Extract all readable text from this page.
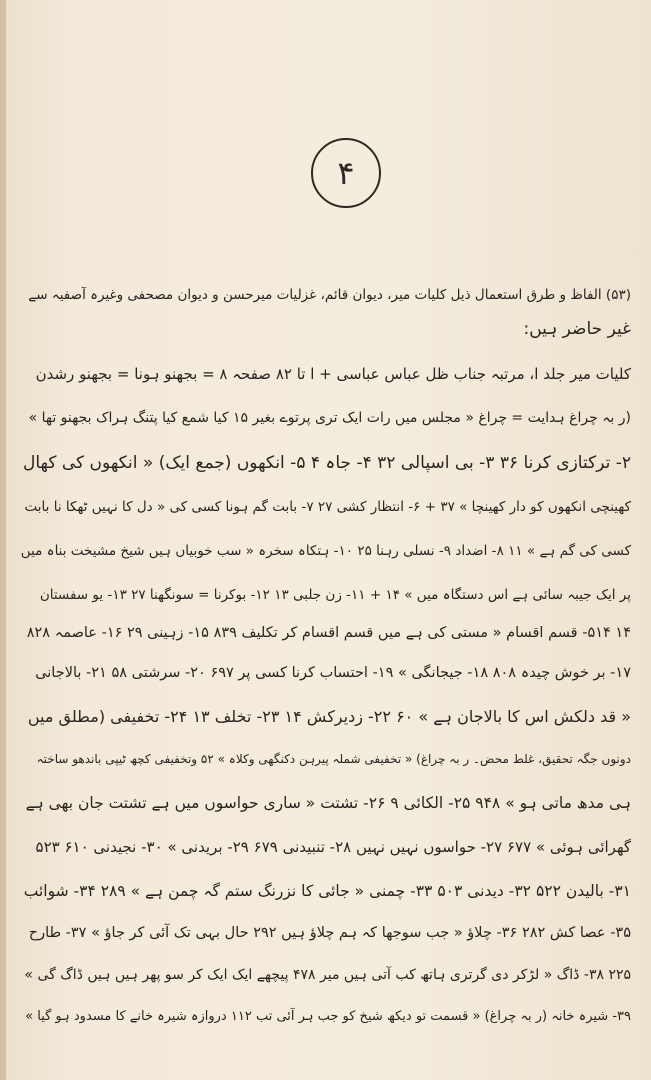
۴
(۵۳) الفاظ و طرق استعمال ذیل کلیات میر، دیوان قائم، غزلیات میرحسن و دیوان مصحفی وغیرہ آصفیہ سے
غیر حاضر ہیں:
کلیات میر جلد ا، مرتبہ جناب ظل عباس عباسی + ا تا ۸۲ صفحہ ۸ = بجھنو ہونا = بجھنو رشدن
(ر بہ چراغ ہدایت = چراغ « مجلس میں رات ایک تری پرتوے بغیر ۱۵ کیا شمع کیا پتنگ ہراک بجھنو تھا »
۲- ترکتازی کرنا ۳۶ ۳- بی اسپالی ۳۲ ۴- جاہ ۴ ۵- انکھوں (جمع ایک) « انکھوں کی کھال
کھینچی انکھوں کو دار کھینچا » ۳۷ + ۶- انتظار کشی ۲۷ ۷- بابت گم ہونا کسی کی « دل کا نہیں ٹھکا نا بابت
کسی کی گم ہے » ۱۱ ۸- اضداد ۹- نسلی رہنا ۲۵ ۱۰- ہتکاہ سخرہ « سب خوبیاں ہیں شیخ مشیخت بناہ میں
پر ایک جیبہ سائی ہے اس دستگاہ میں » ۱۴ + ۱۱- زن جلبی ۱۳ ۱۲- بوکرنا = سونگھنا ۲۷ ۱۳- یو سفستان
۱۴ ۵۱۴- قسم اقسام « مستی کی ہے میں قسم اقسام کر تکلیف ۸۳۹ ۱۵- زہینی ۲۹ ۱۶- عاصمہ ۸۲۸
۱۷- بر خوش چیدہ ۸۰۸ ۱۸- جیجانگی » ۱۹- احتساب کرنا کسی پر ۶۹۷ ۲۰- سرشتی ۵۸ ۲۱- بالاجانی
« قد دلکش اس کا بالاجان ہے » ۶۰ ۲۲- زدیرکش ۱۴ ۲۳- تخلف ۱۳ ۲۴- تخفیفی (مطلق میں
دونوں جگہ تحقیق، غلط محض۔ ر بہ چراغ) « تخفیفی شملہ پیرہن دکنگھی وکلاہ » ۵۲ وتخفیفی کچھ ٹیپی باندھو ساختہ
ہی مدھ ماتی ہو » ۹۴۸ ۲۵- الکائی ۹ ۲۶- تشتت « ساری حواسوں میں ہے تشتت جان بھی ہے
گھرائی ہوئی » ۶۷۷ ۲۷- حواسوں نہیں نہیں ۲۸- تنبیدنی ۶۷۹ ۲۹- بریدنی » ۳۰- نجیدنی ۶۱۰ ۵۲۳
۳۱- بالیدن ۵۲۲ ۳۲- دیدنی ۵۰۳ ۳۳- چمنی « جائی کا نزرنگ ستم گہ چمن ہے » ۲۸۹ ۳۴- شوائب
۳۵- عصا کش ۲۸۲ ۳۶- چلاؤ « جب سوجھا کہ ہم چلاؤ ہیں ۲۹۲ حال بہی تک آئی کر جاؤ » ۳۷- طارح
۲۲۵ ۳۸- ڈاگ « لڑکر دی گرتری ہاتھ کب آتی ہیں میر ۴۷۸ پیچھے ایک ایک کر سو پھر ہیں ہیں ڈاگ گی »
۳۹- شیرہ خانہ (ر بہ چراغ) « قسمت تو دیکھ شیخ کو جب ہر آئی تب ۱۱۲ دروازہ شیرہ خانے کا مسدود ہو گیا »
